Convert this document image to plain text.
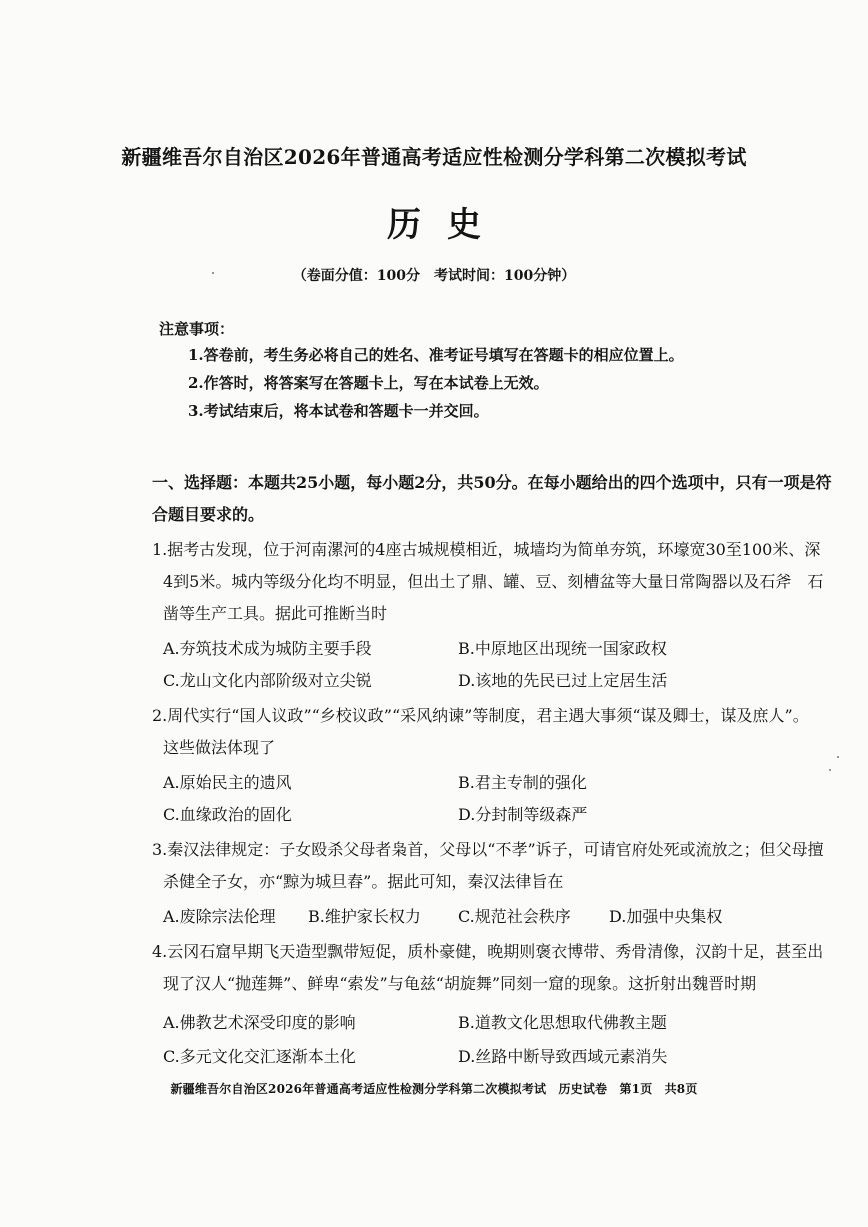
新疆维吾尔自治区2026年普通高考适应性检测分学科第二次模拟考试
历史
（卷面分值：100分　考试时间：100分钟）
注意事项：
1.答卷前，考生务必将自己的姓名、准考证号填写在答题卡的相应位置上。
2.作答时，将答案写在答题卡上，写在本试卷上无效。
3.考试结束后，将本试卷和答题卡一并交回。
一、选择题：本题共25小题，每小题2分，共50分。在每小题给出的四个选项中，只有一项是符
合题目要求的。
1.据考古发现，位于河南漯河的4座古城规模相近，城墙均为简单夯筑，环壕宽30至100米、深
4到5米。城内等级分化均不明显，但出土了鼎、罐、豆、刻槽盆等大量日常陶器以及石斧　石
凿等生产工具。据此可推断当时
A.夯筑技术成为城防主要手段	B.中原地区出现统一国家政权
C.龙山文化内部阶级对立尖锐	D.该地的先民已过上定居生活
2.周代实行“国人议政”“乡校议政”“采风纳谏”等制度，君主遇大事须“谋及卿士，谋及庶人”。
这些做法体现了
A.原始民主的遗风	B.君主专制的强化
C.血缘政治的固化	D.分封制等级森严
3.秦汉法律规定：子女殴杀父母者枭首，父母以“不孝”诉子，可请官府处死或流放之；但父母擅
杀健全子女，亦“黥为城旦舂”。据此可知，秦汉法律旨在
A.废除宗法伦理 B.维护家长权力 C.规范社会秩序 D.加强中央集权
4.云冈石窟早期飞天造型飘带短促，质朴豪健，晚期则褒衣博带、秀骨清像，汉韵十足，甚至出
现了汉人“抛莲舞”、鲜卑“索发”与龟兹“胡旋舞”同刻一窟的现象。这折射出魏晋时期
A.佛教艺术深受印度的影响	B.道教文化思想取代佛教主题
C.多元文化交汇逐渐本土化	D.丝路中断导致西域元素消失
新疆维吾尔自治区2026年普通高考适应性检测分学科第二次模拟考试　历史试卷　第1页　共8页
